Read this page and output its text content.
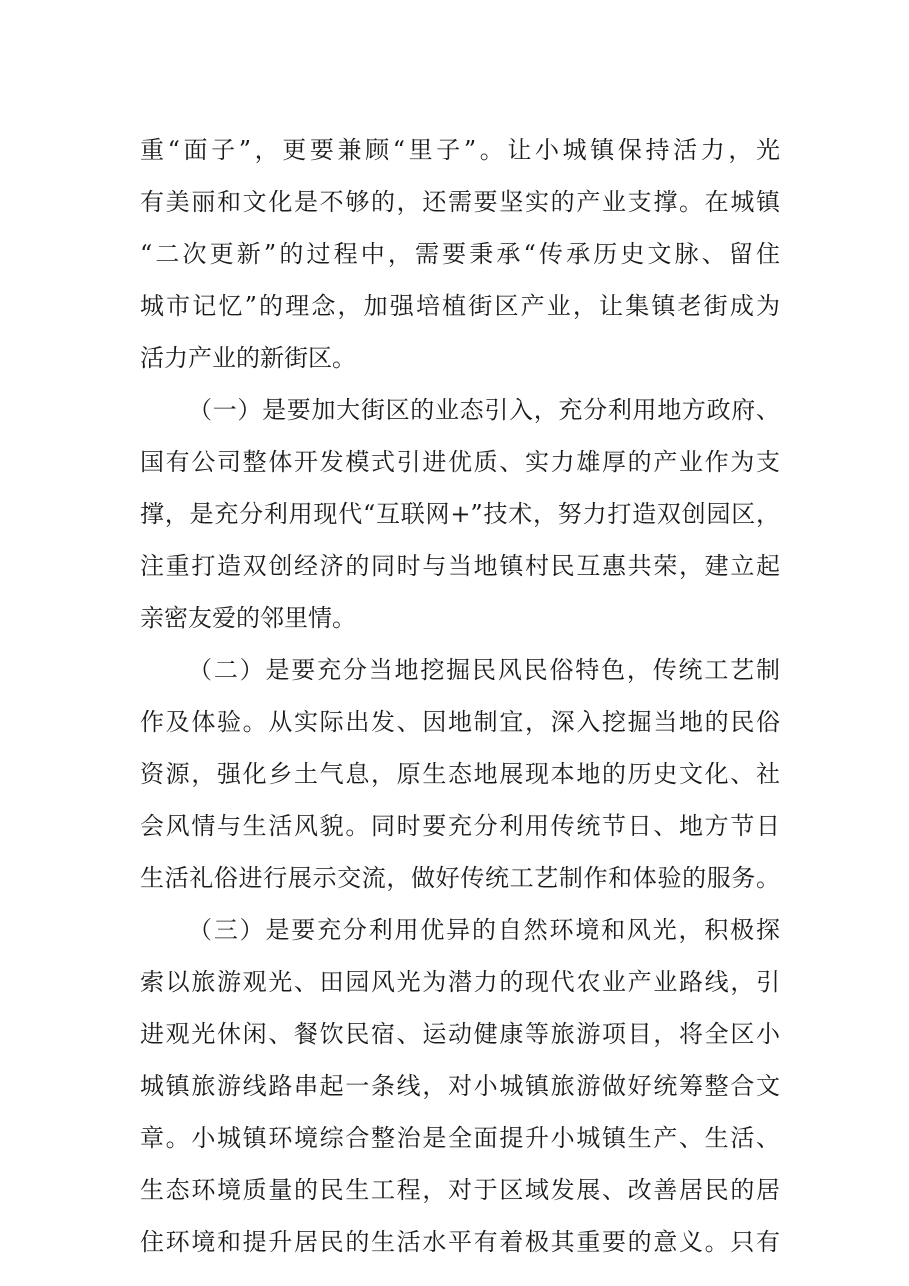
重“面子”，更要兼顾“里子”。让小城镇保持活力，光
有美丽和文化是不够的，还需要坚实的产业支撑。在城镇
“二次更新”的过程中，需要秉承“传承历史文脉、留住
城市记忆”的理念，加强培植街区产业，让集镇老街成为
活力产业的新街区。
（一）是要加大街区的业态引入，充分利用地方政府、
国有公司整体开发模式引进优质、实力雄厚的产业作为支
撑，是充分利用现代“互联网+”技术，努力打造双创园区，
注重打造双创经济的同时与当地镇村民互惠共荣，建立起
亲密友爱的邻里情。
（二）是要充分当地挖掘民风民俗特色，传统工艺制
作及体验。从实际出发、因地制宜，深入挖掘当地的民俗
资源，强化乡土气息，原生态地展现本地的历史文化、社
会风情与生活风貌。同时要充分利用传统节日、地方节日
生活礼俗进行展示交流，做好传统工艺制作和体验的服务。
（三）是要充分利用优异的自然环境和风光，积极探
索以旅游观光、田园风光为潜力的现代农业产业路线，引
进观光休闲、餐饮民宿、运动健康等旅游项目，将全区小
城镇旅游线路串起一条线，对小城镇旅游做好统筹整合文
章。小城镇环境综合整治是全面提升小城镇生产、生活、
生态环境质量的民生工程，对于区域发展、改善居民的居
住环境和提升居民的生活水平有着极其重要的意义。只有
